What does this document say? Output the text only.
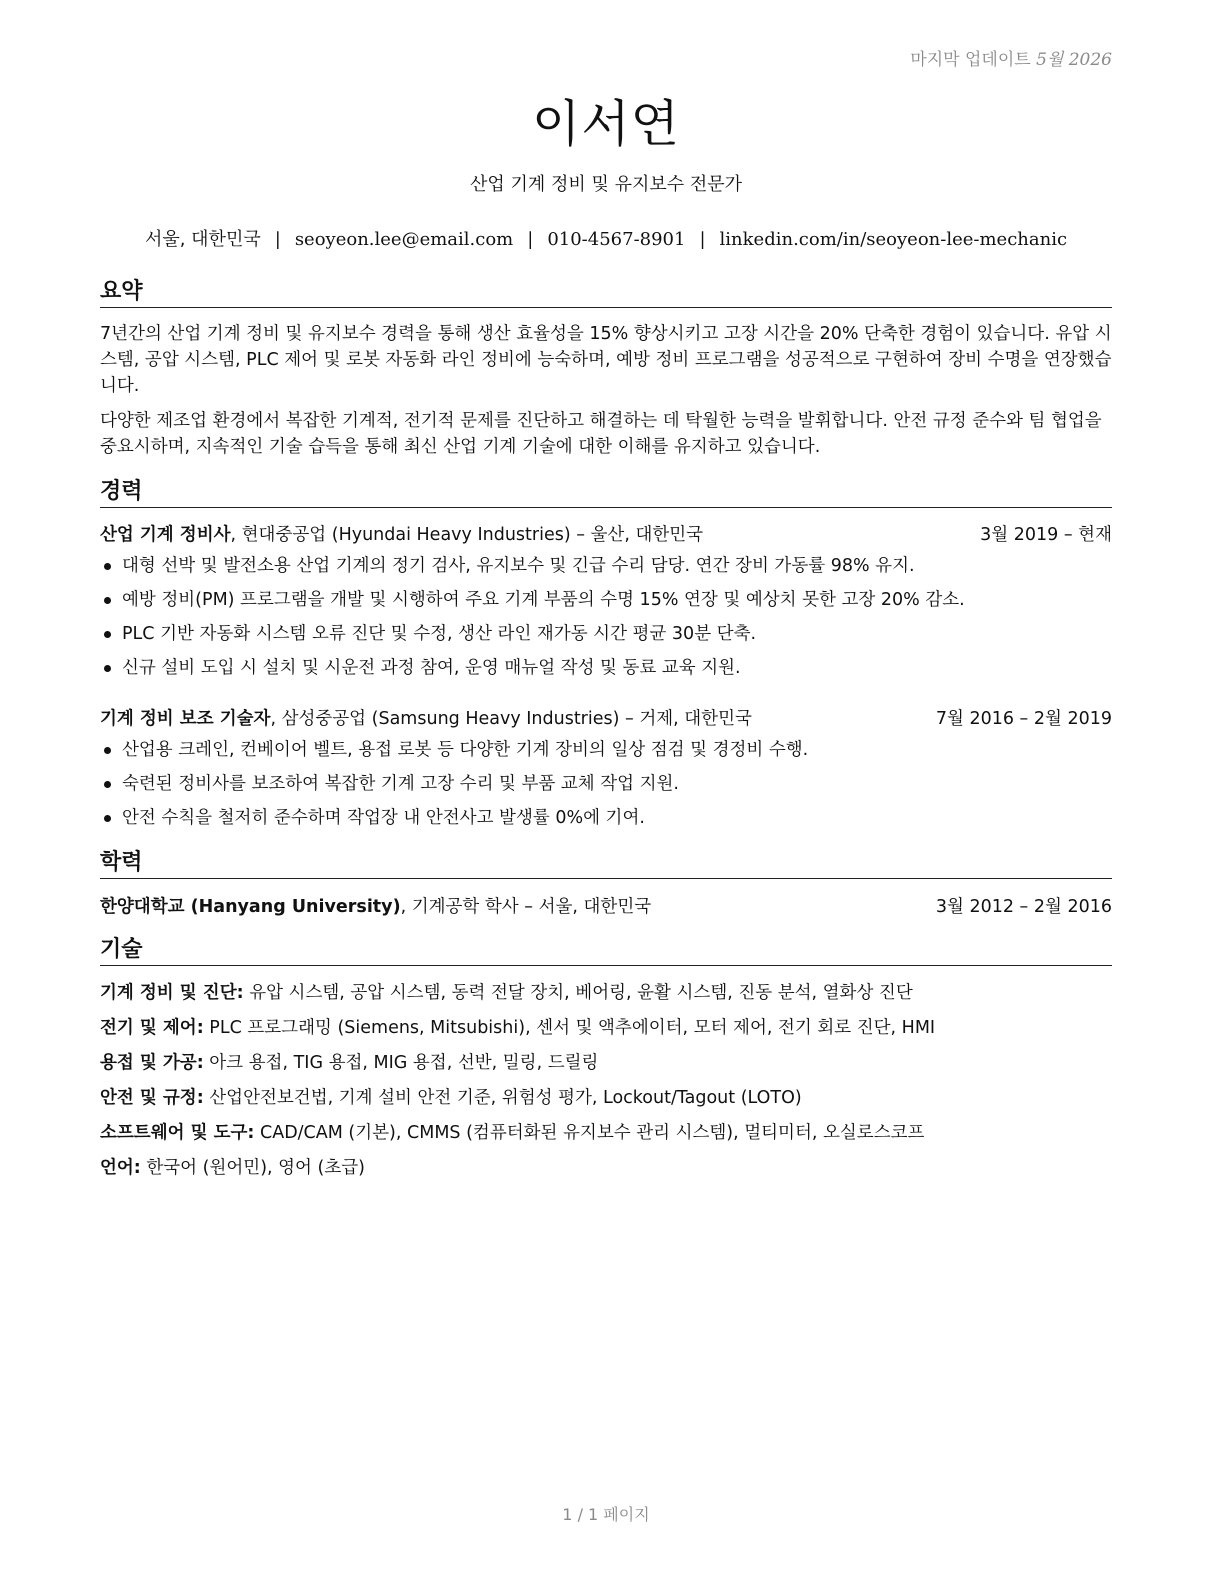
마지막 업데이트 5월 2026
이서연
산업 기계 정비 및 유지보수 전문가
서울, 대한민국 | seoyeon.lee@email.com | 010-4567-8901 | linkedin.com/in/seoyeon-lee-mechanic
요약
7년간의 산업 기계 정비 및 유지보수 경력을 통해 생산 효율성을 15% 향상시키고 고장 시간을 20% 단축한 경험이 있습니다. 유압 시스템, 공압 시스템, PLC 제어 및 로봇 자동화 라인 정비에 능숙하며, 예방 정비 프로그램을 성공적으로 구현하여 장비 수명을 연장했습니다.
다양한 제조업 환경에서 복잡한 기계적, 전기적 문제를 진단하고 해결하는 데 탁월한 능력을 발휘합니다. 안전 규정 준수와 팀 협업을 중요시하며, 지속적인 기술 습득을 통해 최신 산업 기계 기술에 대한 이해를 유지하고 있습니다.
경력
산업 기계 정비사, 현대중공업 (Hyundai Heavy Industries) – 울산, 대한민국	3월 2019 – 현재
대형 선박 및 발전소용 산업 기계의 정기 검사, 유지보수 및 긴급 수리 담당. 연간 장비 가동률 98% 유지.
예방 정비(PM) 프로그램을 개발 및 시행하여 주요 기계 부품의 수명 15% 연장 및 예상치 못한 고장 20% 감소.
PLC 기반 자동화 시스템 오류 진단 및 수정, 생산 라인 재가동 시간 평균 30분 단축.
신규 설비 도입 시 설치 및 시운전 과정 참여, 운영 매뉴얼 작성 및 동료 교육 지원.
기계 정비 보조 기술자, 삼성중공업 (Samsung Heavy Industries) – 거제, 대한민국	7월 2016 – 2월 2019
산업용 크레인, 컨베이어 벨트, 용접 로봇 등 다양한 기계 장비의 일상 점검 및 경정비 수행.
숙련된 정비사를 보조하여 복잡한 기계 고장 수리 및 부품 교체 작업 지원.
안전 수칙을 철저히 준수하며 작업장 내 안전사고 발생률 0%에 기여.
학력
한양대학교 (Hanyang University), 기계공학 학사 – 서울, 대한민국	3월 2012 – 2월 2016
기술
기계 정비 및 진단: 유압 시스템, 공압 시스템, 동력 전달 장치, 베어링, 윤활 시스템, 진동 분석, 열화상 진단
전기 및 제어: PLC 프로그래밍 (Siemens, Mitsubishi), 센서 및 액추에이터, 모터 제어, 전기 회로 진단, HMI
용접 및 가공: 아크 용접, TIG 용접, MIG 용접, 선반, 밀링, 드릴링
안전 및 규정: 산업안전보건법, 기계 설비 안전 기준, 위험성 평가, Lockout/Tagout (LOTO)
소프트웨어 및 도구: CAD/CAM (기본), CMMS (컴퓨터화된 유지보수 관리 시스템), 멀티미터, 오실로스코프
언어: 한국어 (원어민), 영어 (초급)
1 / 1 페이지
